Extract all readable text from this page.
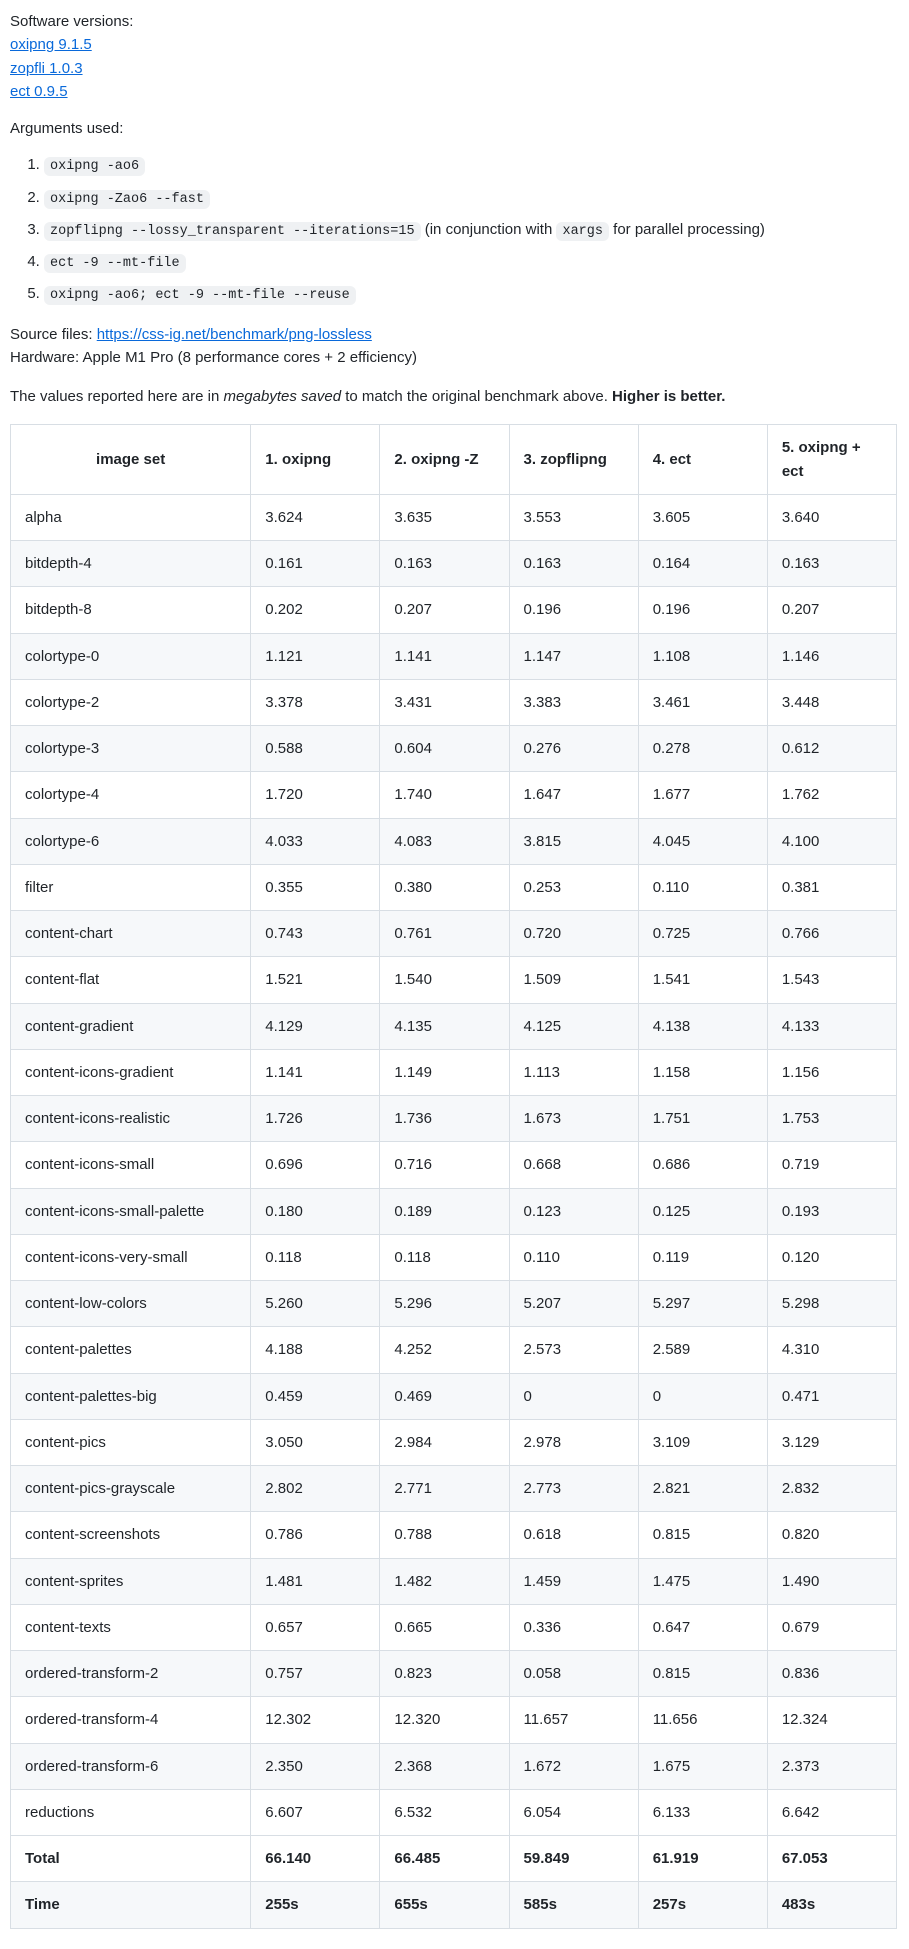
Software versions:

oxipng 9.1.5
zopfli 1.0.3
ect 0.9.5

Arguments used:

1. oxipng -ao6
2. oxipng -Zao6 --fast
3. zopflipng --lossy_transparent --iterations=15 (in conjunction with xargs for parallel processing)
4. ect -9 --mt-file
5. oxipng -ao6; ect -9 --mt-file --reuse
Source files: https://css-ig.net/benchmark/png-lossless
Hardware: Apple M1 Pro (8 performance cores + 2 efficiency)

The values reported here are in megabytes saved to match the original benchmark above. Higher is better.

image set	1. oxipng	2. oxipng -Z	3. zopflipng	4. ect	5. oxipng + ect
alpha	3.624	3.635	3.553	3.605	3.640
bitdepth-4	0.161	0.163	0.163	0.164	0.163
bitdepth-8	0.202	0.207	0.196	0.196	0.207
colortype-0	1.121	1.141	1.147	1.108	1.146
colortype-2	3.378	3.431	3.383	3.461	3.448
colortype-3	0.588	0.604	0.276	0.278	0.612
colortype-4	1.720	1.740	1.647	1.677	1.762
colortype-6	4.033	4.083	3.815	4.045	4.100
filter	0.355	0.380	0.253	0.110	0.381
content-chart	0.743	0.761	0.720	0.725	0.766
content-flat	1.521	1.540	1.509	1.541	1.543
content-gradient	4.129	4.135	4.125	4.138	4.133
content-icons-gradient	1.141	1.149	1.113	1.158	1.156
content-icons-realistic	1.726	1.736	1.673	1.751	1.753
content-icons-small	0.696	0.716	0.668	0.686	0.719
content-icons-small-palette	0.180	0.189	0.123	0.125	0.193
content-icons-very-small	0.118	0.118	0.110	0.119	0.120
content-low-colors	5.260	5.296	5.207	5.297	5.298
content-palettes	4.188	4.252	2.573	2.589	4.310
content-palettes-big	0.459	0.469	0	0	0.471
content-pics	3.050	2.984	2.978	3.109	3.129
content-pics-grayscale	2.802	2.771	2.773	2.821	2.832
content-screenshots	0.786	0.788	0.618	0.815	0.820
content-sprites	1.481	1.482	1.459	1.475	1.490
content-texts	0.657	0.665	0.336	0.647	0.679
ordered-transform-2	0.757	0.823	0.058	0.815	0.836
ordered-transform-4	12.302	12.320	11.657	11.656	12.324
ordered-transform-6	2.350	2.368	1.672	1.675	2.373
reductions	6.607	6.532	6.054	6.133	6.642
Total	66.140	66.485	59.849	61.919	67.053
Time	255s	655s	585s	257s	483s
